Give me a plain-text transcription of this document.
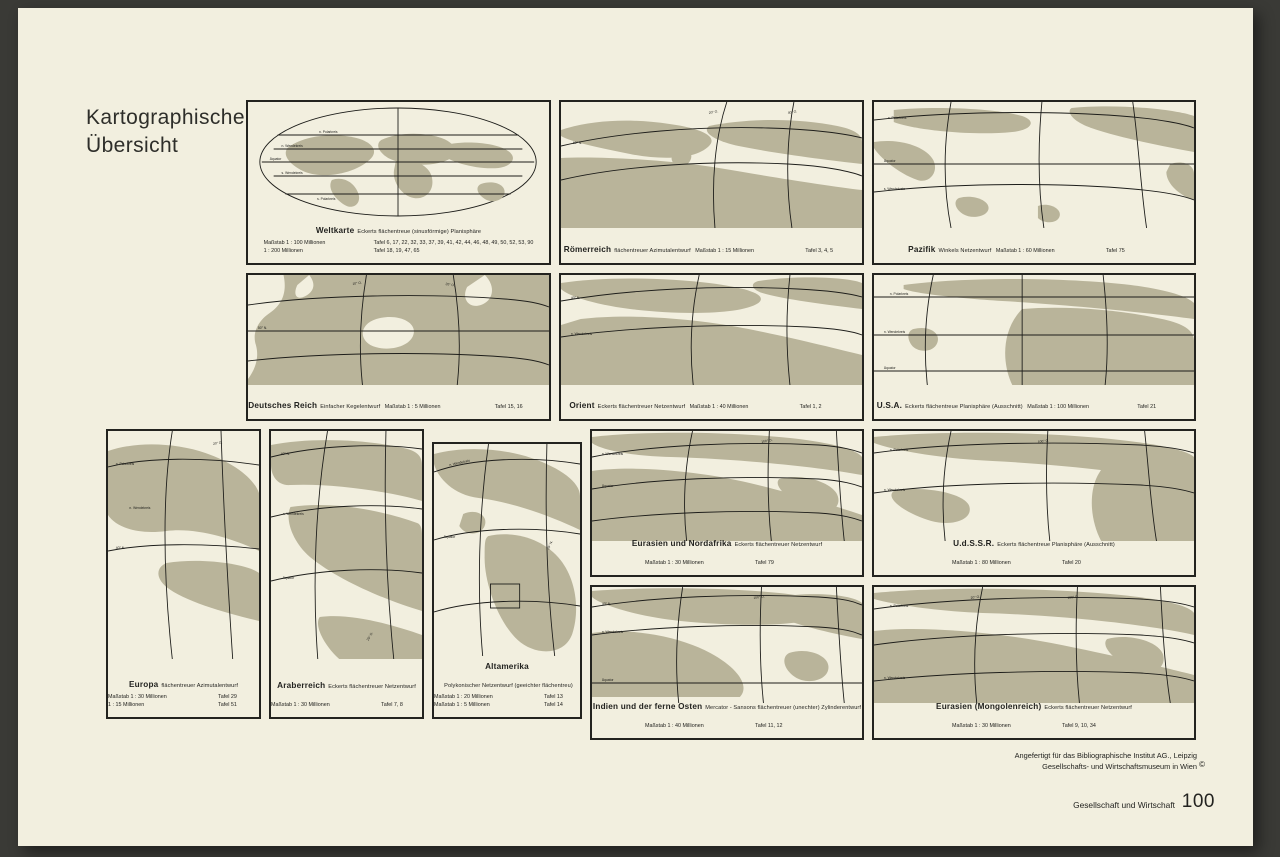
Kartographische
Übersicht
n. Polarkreis
n. Wendekreis
Äquator
s. Wendekreis
s. Polarkreis
Weltkarte Eckerts flächentreue (sinusförmige) Planisphäre
Maßstab 1 : 100 Millionen	Tafel 6, 17, 22, 32, 33, 37, 39, 41, 42, 44, 46, 48, 49, 50, 52, 53, 90
1 : 200 Millionen	Tafel 18, 19, 47, 65
60° N.
20° O.	40° O.
Römerreich flächentreuer Azimutalentwurf Maßstab 1 : 15 Millionen	Tafel 3, 4, 5
n. Polarkreis
Äquator
s. Wendekreis
Pazifik Winkels Netzentwurf Maßstab 1 : 60 Millionen	Tafel 75
50° N.
10° O.	20° O.
Deutsches Reich Einfacher Kegelentwurf Maßstab 1 : 5 Millionen	Tafel 15, 16
40° N.
n. Wendekreis
Orient Eckerts flächentreuer Netzentwurf Maßstab 1 : 40 Millionen	Tafel 1, 2
n. Polarkreis
n. Wendekreis
Äquator
U.S.A. Eckerts flächentreue Planisphäre (Ausschnitt) Maßstab 1 : 100 Millionen	Tafel 21
n. Polarkreis
n. Wendekreis
40° N.
20° O.
Europa flächentreuer Azimutalentwurf
Maßstab 1 : 30 Millionen	Tafel 29
1 : 15 Millionen	Tafel 51
40° N.
n. Wendekreis
Äquator
20° O.
Araberreich Eckerts flächentreuer Netzentwurf
Maßstab 1 : 30 Millionen	Tafel 7, 8
n. Wendekreis
Äquator
20° N.
AltamerikaPolykonischer Netzentwurf (geeichter flächentreu)
Maßstab 1 : 20 Millionen	Tafel 13
Maßstab 1 : 5 Millionen	Tafel 14
n. Wendekreis
Äquator
100° O.
Eurasien und Nordafrika Eckerts flächentreuer Netzentwurf
Maßstab 1 : 30 Millionen	Tafel 79
n. Polarkreis
n. Wendekreis
100° O.
U.d.S.S.R. Eckerts flächentreue Planisphäre (Ausschnitt)
Maßstab 1 : 80 Millionen	Tafel 20
40° N.
n. Wendekreis
Äquator
100° O.
Indien und der ferne Osten Mercator - Sansons flächentreuer (unechter) Zylinderentwurf
Maßstab 1 : 40 Millionen	Tafel 11, 12
n. Polarkreis
n. Wendekreis
100° O.
20° O.
Eurasien (Mongolenreich) Eckerts flächentreuer Netzentwurf
Maßstab 1 : 30 Millionen	Tafel 9, 10, 34
Angefertigt für das Bibliographische Institut AG., Leipzig
Gesellschafts- und Wirtschaftsmuseum in Wien ©
Gesellschaft und Wirtschaft 100
